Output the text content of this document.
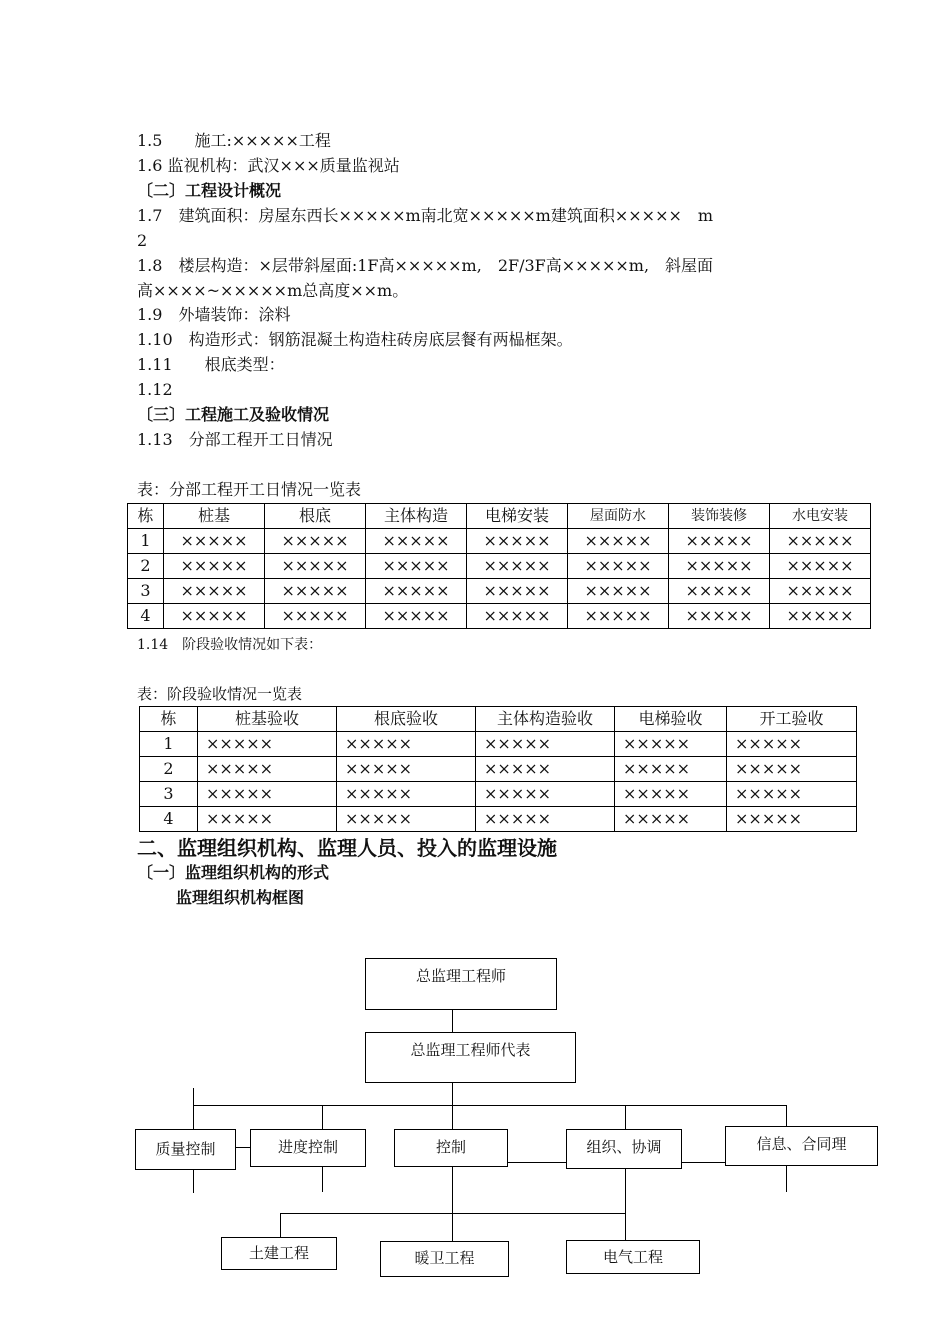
1.5　　施工:×××××工程
1.6 监视机构：武汉×××质量监视站
〔二〕工程设计概况
1.7　建筑面积：房屋东西长×××××m南北宽×××××m建筑面积×××××　m
2
1.8　楼层构造：×层带斜屋面:1F高×××××m,　2F/3F高×××××m,　斜屋面
高××××~×××××m总高度××m。
1.9　外墙装饰：涂料
1.10　构造形式：钢筋混凝土构造柱砖房底层餐有两榀框架。
1.11　　根底类型：
1.12
〔三〕工程施工及验收情况
1.13　分部工程开工日情况
表：分部工程开工日情况一览表
栋	桩基	根底	主体构造	电梯安装	屋面防水	装饰装修	水电安装
1	×××××	×××××	×××××	×××××	×××××	×××××	×××××
2	×××××	×××××	×××××	×××××	×××××	×××××	×××××
3	×××××	×××××	×××××	×××××	×××××	×××××	×××××
4	×××××	×××××	×××××	×××××	×××××	×××××	×××××
1.14　阶段验收情况如下表：
表：阶段验收情况一览表
栋	桩基验收	根底验收	主体构造验收	电梯验收	开工验收
1	×××××	×××××	×××××	×××××	×××××
2	×××××	×××××	×××××	×××××	×××××
3	×××××	×××××	×××××	×××××	×××××
4	×××××	×××××	×××××	×××××	×××××
二、监理组织机构、监理人员、投入的监理设施
〔一〕监理组织机构的形式
监理组织机构框图
总监理工程师
总监理工程师代表
质量控制	进度控制	控制	组织、协调	信息、合同理
土建工程	暖卫工程	电气工程
